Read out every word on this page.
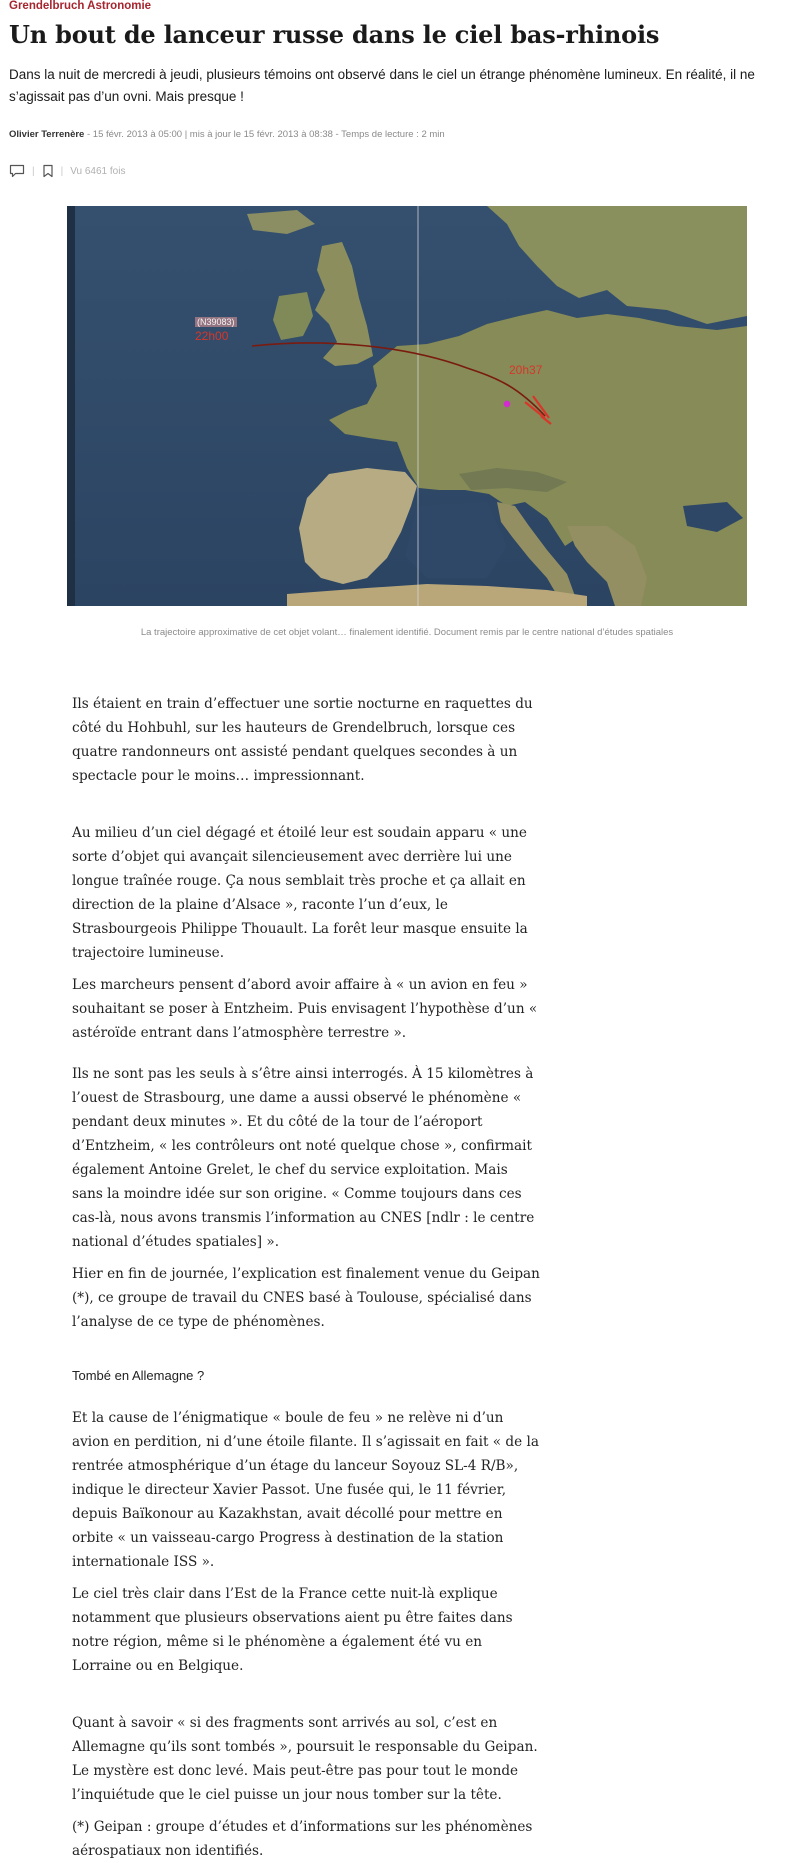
Grendelbruch Astronomie
Un bout de lanceur russe dans le ciel bas-rhinois
Dans la nuit de mercredi à jeudi, plusieurs témoins ont observé dans le ciel un étrange phénomène lumineux. En réalité, il ne s’agissait pas d’un ovni. Mais presque !
Olivier Terrenère - 15 févr. 2013 à 05:00 | mis à jour le 15 févr. 2013 à 08:38 - Temps de lecture : 2 min
|	| Vu 6461 fois
(N39083)
22h00
20h37
La trajectoire approximative de cet objet volant… finalement identifié. Document remis par le centre national d’études spatiales

Ils étaient en train d’effectuer une sortie nocturne en raquettes du côté du Hohbuhl, sur les hauteurs de Grendelbruch, lorsque ces quatre randonneurs ont assisté pendant quelques secondes à un spectacle pour le moins… impressionnant.

Au milieu d’un ciel dégagé et étoilé leur est soudain apparu « une sorte d’objet qui avançait silencieusement avec derrière lui une longue traînée rouge. Ça nous semblait très proche et ça allait en direction de la plaine d’Alsace », raconte l’un d’eux, le Strasbourgeois Philippe Thouault. La forêt leur masque ensuite la trajectoire lumineuse.

Les marcheurs pensent d’abord avoir affaire à « un avion en feu » souhaitant se poser à Entzheim. Puis envisagent l’hypothèse d’un « astéroïde entrant dans l’atmosphère terrestre ».

Ils ne sont pas les seuls à s’être ainsi interrogés. À 15 kilomètres à l’ouest de Strasbourg, une dame a aussi observé le phénomène « pendant deux minutes ». Et du côté de la tour de l’aéroport d’Entzheim, « les contrôleurs ont noté quelque chose », confirmait également Antoine Grelet, le chef du service exploitation. Mais sans la moindre idée sur son origine. « Comme toujours dans ces cas-là, nous avons transmis l’information au CNES [ndlr : le centre national d’études spatiales] ».

Hier en fin de journée, l’explication est finalement venue du Geipan (*), ce groupe de travail du CNES basé à Toulouse, spécialisé dans l’analyse de ce type de phénomènes.

Tombé en Allemagne ?

Et la cause de l’énigmatique « boule de feu » ne relève ni d’un avion en perdition, ni d’une étoile filante. Il s’agissait en fait « de la rentrée atmosphérique d’un étage du lanceur Soyouz SL-4 R/B», indique le directeur Xavier Passot. Une fusée qui, le 11 février, depuis Baïkonour au Kazakhstan, avait décollé pour mettre en orbite « un vaisseau-cargo Progress à destination de la station internationale ISS ».

Le ciel très clair dans l’Est de la France cette nuit-là explique notamment que plusieurs observations aient pu être faites dans notre région, même si le phénomène a également été vu en Lorraine ou en Belgique.

Quant à savoir « si des fragments sont arrivés au sol, c’est en Allemagne qu’ils sont tombés », poursuit le responsable du Geipan. Le mystère est donc levé. Mais peut-être pas pour tout le monde l’inquiétude que le ciel puisse un jour nous tomber sur la tête.

(*) Geipan : groupe d’études et d’informations sur les phénomènes aérospatiaux non identifiés.
